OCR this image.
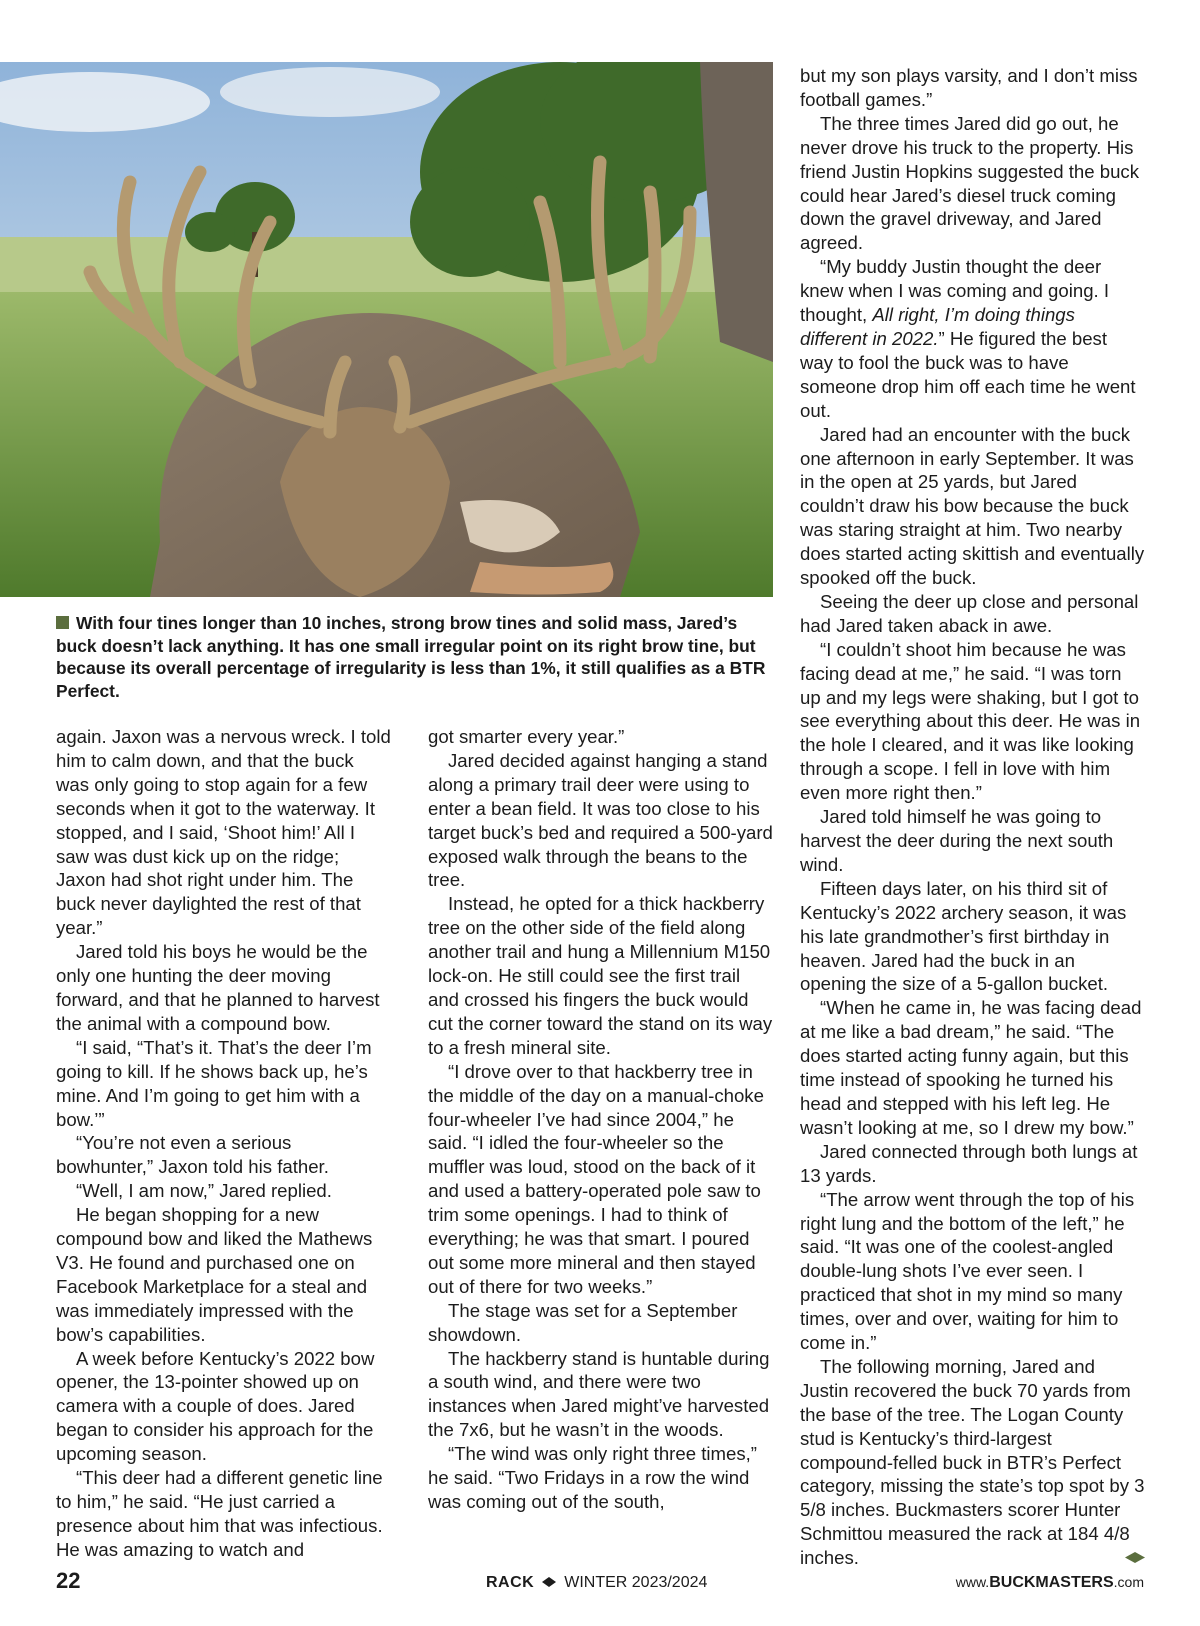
With four tines longer than 10 inches, strong brow tines and solid mass, Jared’s buck doesn’t lack anything. It has one small irregular point on its right brow tine, but because its overall percentage of irregularity is less than 1%, it still qualifies as a BTR Perfect.

again. Jaxon was a nervous wreck. I told him to calm down, and that the buck was only going to stop again for a few seconds when it got to the waterway. It stopped, and I said, ‘Shoot him!’ All I saw was dust kick up on the ridge; Jaxon had shot right under him. The buck never daylighted the rest of that year.”

Jared told his boys he would be the only one hunting the deer moving forward, and that he planned to harvest the animal with a compound bow.

“I said, “That’s it. That’s the deer I’m going to kill. If he shows back up, he’s mine. And I’m going to get him with a bow.’”

“You’re not even a serious bowhunter,” Jaxon told his father.

“Well, I am now,” Jared replied.

He began shopping for a new compound bow and liked the Mathews V3. He found and purchased one on Facebook Marketplace for a steal and was immediately impressed with the bow’s capabilities.

A week before Kentucky’s 2022 bow opener, the 13-pointer showed up on camera with a couple of does. Jared began to consider his approach for the upcoming season.

“This deer had a different genetic line to him,” he said. “He just carried a presence about him that was infectious. He was amazing to watch and

got smarter every year.”

Jared decided against hanging a stand along a primary trail deer were using to enter a bean field. It was too close to his target buck’s bed and required a 500-yard exposed walk through the beans to the tree.

Instead, he opted for a thick hackberry tree on the other side of the field along another trail and hung a Millennium M150 lock-on. He still could see the first trail and crossed his fingers the buck would cut the corner toward the stand on its way to a fresh mineral site.

“I drove over to that hackberry tree in the middle of the day on a manual-choke four-wheeler I’ve had since 2004,” he said. “I idled the four-wheeler so the muffler was loud, stood on the back of it and used a battery-operated pole saw to trim some openings. I had to think of everything; he was that smart. I poured out some more mineral and then stayed out of there for two weeks.”

The stage was set for a September showdown.

The hackberry stand is huntable during a south wind, and there were two instances when Jared might’ve harvested the 7x6, but he wasn’t in the woods.

“The wind was only right three times,” he said. “Two Fridays in a row the wind was coming out of the south,

but my son plays varsity, and I don’t miss football games.”

The three times Jared did go out, he never drove his truck to the property. His friend Justin Hopkins suggested the buck could hear Jared’s diesel truck coming down the gravel driveway, and Jared agreed.

“My buddy Justin thought the deer knew when I was coming and going. I thought, All right, I’m doing things different in 2022.” He figured the best way to fool the buck was to have someone drop him off each time he went out.

Jared had an encounter with the buck one afternoon in early September. It was in the open at 25 yards, but Jared couldn’t draw his bow because the buck was staring straight at him. Two nearby does started acting skittish and eventually spooked off the buck.

Seeing the deer up close and personal had Jared taken aback in awe.

“I couldn’t shoot him because he was facing dead at me,” he said. “I was torn up and my legs were shaking, but I got to see everything about this deer. He was in the hole I cleared, and it was like looking through a scope. I fell in love with him even more right then.”

Jared told himself he was going to harvest the deer during the next south wind.

Fifteen days later, on his third sit of Kentucky’s 2022 archery season, it was his late grandmother’s first birthday in heaven. Jared had the buck in an opening the size of a 5-gallon bucket.

“When he came in, he was facing dead at me like a bad dream,” he said. “The does started acting funny again, but this time instead of spooking he turned his head and stepped with his left leg. He wasn’t looking at me, so I drew my bow.”

Jared connected through both lungs at 13 yards.

“The arrow went through the top of his right lung and the bottom of the left,” he said. “It was one of the coolest-angled double-lung shots I’ve ever seen. I practiced that shot in my mind so many times, over and over, waiting for him to come in.”

The following morning, Jared and Justin recovered the buck 70 yards from the base of the tree. The Logan County stud is Kentucky’s third-largest compound-felled buck in BTR’s Perfect category, missing the state’s top spot by 3 5/8 inches. Buckmasters scorer Hunter Schmittou measured the rack at 184 4/8 inches.

22	RACK WINTER 2023/2024	www.BUCKMASTERS.com
